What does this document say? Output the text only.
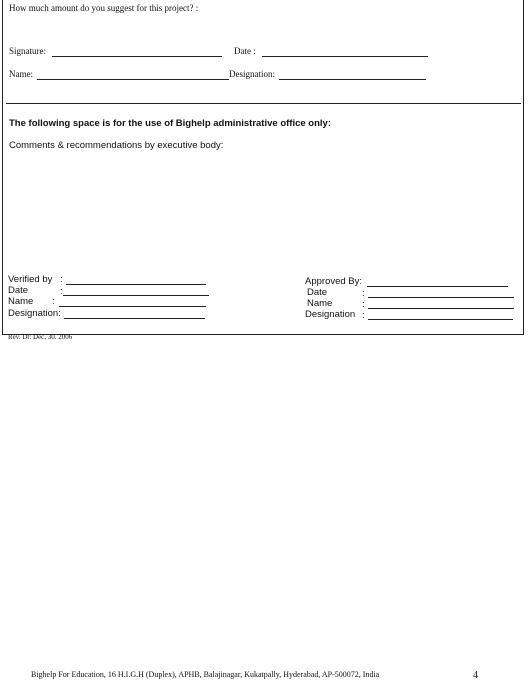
How much amount do you suggest for this project? :
Signature:	Date :
Name:	Designation:
The following space is for the use of Bighelp administrative office only:
Comments & recommendations by executive body:
Verified by :
Date	:
Name :
Designation:
Approved By:
Date	:
Name	:
Designation :
Rev. Dt: Dec, 30. 2006
Bighelp For Education, 16 H.I.G.H (Duplex), APHB, Balajinagar, Kukatpally, Hyderabad, AP-500072, India	4
